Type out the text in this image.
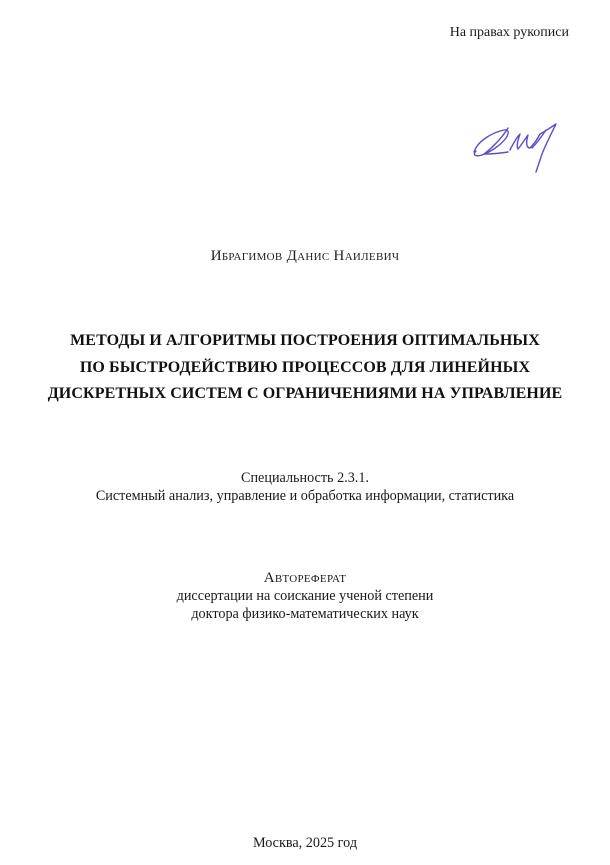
На правах рукописи
Ибрагимов Данис Наилевич
МЕТОДЫ И АЛГОРИТМЫ ПОСТРОЕНИЯ ОПТИМАЛЬНЫХ
ПО БЫСТРОДЕЙСТВИЮ ПРОЦЕССОВ ДЛЯ ЛИНЕЙНЫХ
ДИСКРЕТНЫХ СИСТЕМ С ОГРАНИЧЕНИЯМИ НА УПРАВЛЕНИЕ
Специальность 2.3.1.
Системный анализ, управление и обработка информации, статистика
Автореферат
диссертации на соискание ученой степени
доктора физико-математических наук
Москва, 2025 год
